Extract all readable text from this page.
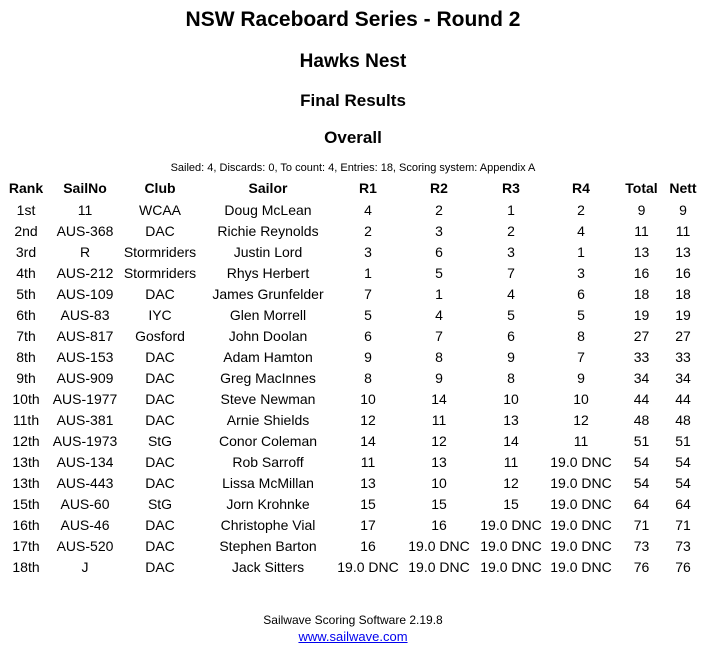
NSW Raceboard Series - Round 2
Hawks Nest
Final Results
Overall
Sailed: 4, Discards: 0, To count: 4, Entries: 18, Scoring system: Appendix A
Rank	SailNo	Club	Sailor	R1	R2	R3	R4	Total	Nett
1st	11	WCAA	Doug McLean	4	2	1	2	9	9
2nd	AUS-368	DAC	Richie Reynolds	2	3	2	4	11	11
3rd	R	Stormriders	Justin Lord	3	6	3	1	13	13
4th	AUS-212	Stormriders	Rhys Herbert	1	5	7	3	16	16
5th	AUS-109	DAC	James Grunfelder	7	1	4	6	18	18
6th	AUS-83	IYC	Glen Morrell	5	4	5	5	19	19
7th	AUS-817	Gosford	John Doolan	6	7	6	8	27	27
8th	AUS-153	DAC	Adam Hamton	9	8	9	7	33	33
9th	AUS-909	DAC	Greg MacInnes	8	9	8	9	34	34
10th	AUS-1977	DAC	Steve Newman	10	14	10	10	44	44
11th	AUS-381	DAC	Arnie Shields	12	11	13	12	48	48
12th	AUS-1973	StG	Conor Coleman	14	12	14	11	51	51
13th	AUS-134	DAC	Rob Sarroff	11	13	11	19.0 DNC	54	54
13th	AUS-443	DAC	Lissa McMillan	13	10	12	19.0 DNC	54	54
15th	AUS-60	StG	Jorn Krohnke	15	15	15	19.0 DNC	64	64
16th	AUS-46	DAC	Christophe Vial	17	16	19.0 DNC	19.0 DNC	71	71
17th	AUS-520	DAC	Stephen Barton	16	19.0 DNC	19.0 DNC	19.0 DNC	73	73
18th	J	DAC	Jack Sitters	19.0 DNC	19.0 DNC	19.0 DNC	19.0 DNC	76	76
Sailwave Scoring Software 2.19.8
www.sailwave.com
